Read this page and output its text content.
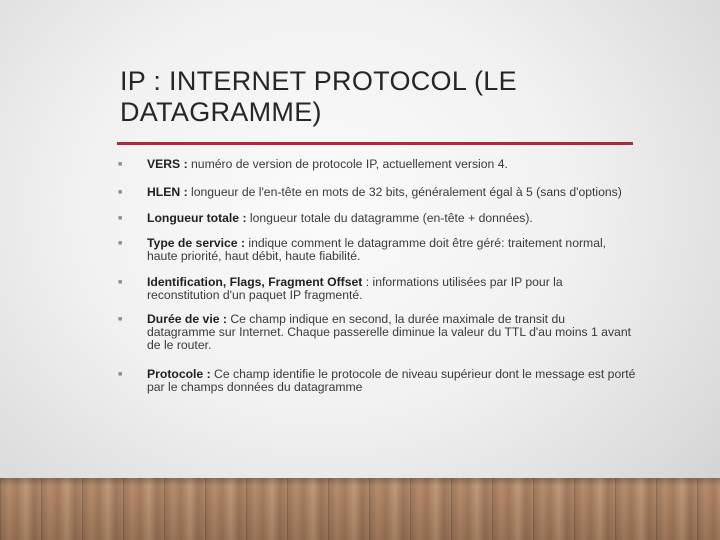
IP : INTERNET PROTOCOL (LE DATAGRAMME)
■ VERS : numéro de version de protocole IP, actuellement version 4.
■ HLEN : longueur de l'en-tête en mots de 32 bits, généralement égal à 5 (sans d'options)
■ Longueur totale : longueur totale du datagramme (en-tête + données).
■ Type de service : indique comment le datagramme doit être géré: traitement normal, haute priorité, haut débit, haute fiabilité.
■ Identification, Flags, Fragment Offset : informations utilisées par IP pour la reconstitution d'un paquet IP fragmenté.
■ Durée de vie : Ce champ indique en second, la durée maximale de transit du datagramme sur Internet. Chaque passerelle diminue la valeur du TTL d'au moins 1 avant de le router.
■ Protocole : Ce champ identifie le protocole de niveau supérieur dont le message est porté par le champs données du datagramme
